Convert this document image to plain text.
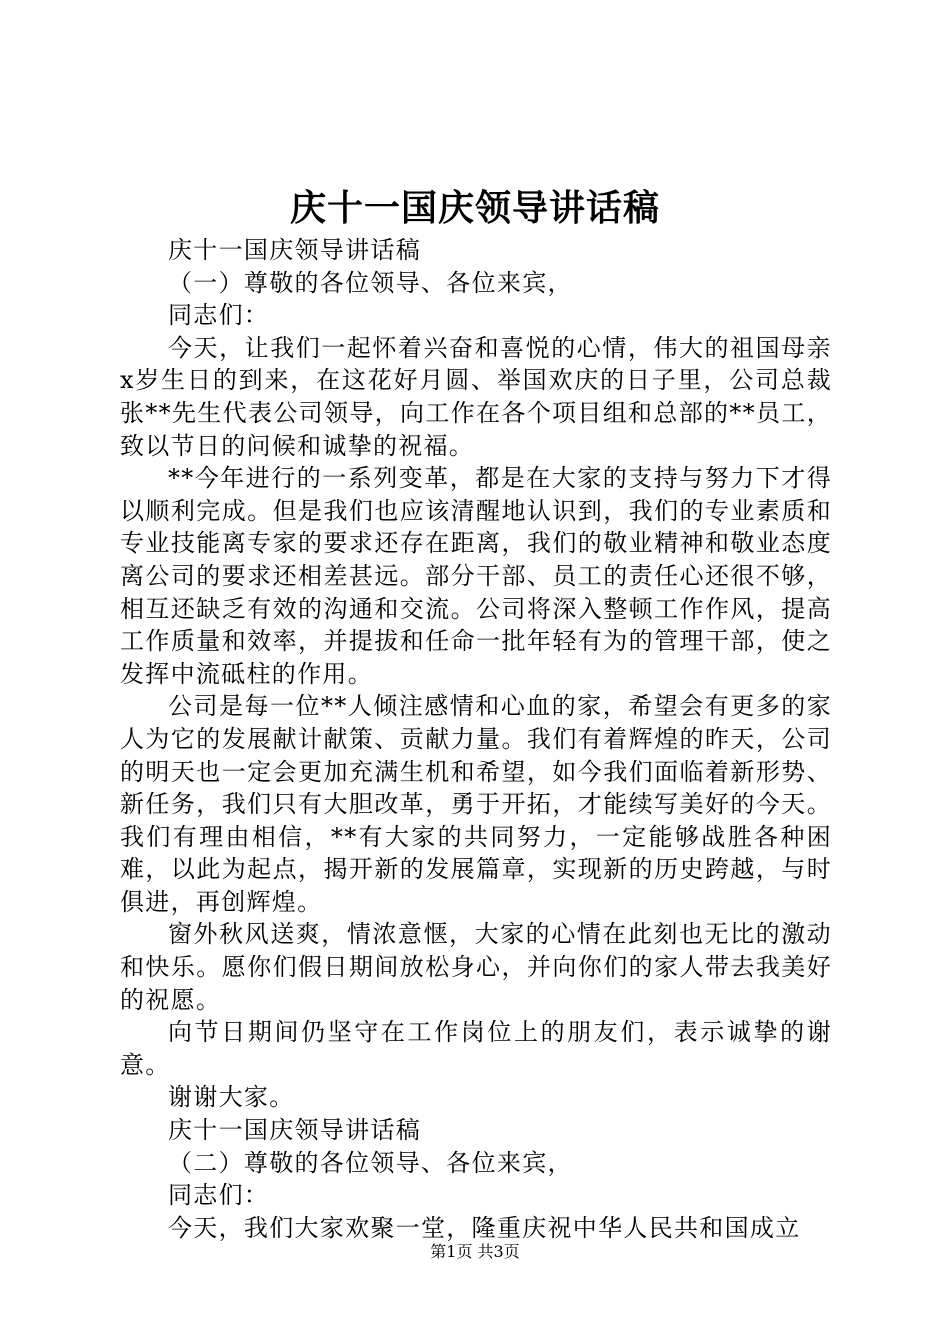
庆十一国庆领导讲话稿

庆十一国庆领导讲话稿

（一）尊敬的各位领导、各位来宾，

同志们：

今天，让我们一起怀着兴奋和喜悦的心情，伟大的祖国母亲x岁生日的到来，在这花好月圆、举国欢庆的日子里，公司总裁张**先生代表公司领导，向工作在各个项目组和总部的**员工，致以节日的问候和诚挚的祝福。

**今年进行的一系列变革，都是在大家的支持与努力下才得以顺利完成。但是我们也应该清醒地认识到，我们的专业素质和专业技能离专家的要求还存在距离，我们的敬业精神和敬业态度离公司的要求还相差甚远。部分干部、员工的责任心还很不够，相互还缺乏有效的沟通和交流。公司将深入整顿工作作风，提高工作质量和效率，并提拔和任命一批年轻有为的管理干部，使之发挥中流砥柱的作用。

公司是每一位**人倾注感情和心血的家，希望会有更多的家人为它的发展献计献策、贡献力量。我们有着辉煌的昨天，公司的明天也一定会更加充满生机和希望，如今我们面临着新形势、新任务，我们只有大胆改革，勇于开拓，才能续写美好的今天。我们有理由相信，**有大家的共同努力，一定能够战胜各种困难，以此为起点，揭开新的发展篇章，实现新的历史跨越，与时俱进，再创辉煌。

窗外秋风送爽，情浓意惬，大家的心情在此刻也无比的激动和快乐。愿你们假日期间放松身心，并向你们的家人带去我美好的祝愿。

向节日期间仍坚守在工作岗位上的朋友们，表示诚挚的谢意。

谢谢大家。

庆十一国庆领导讲话稿

（二）尊敬的各位领导、各位来宾，

同志们：

今天，我们大家欢聚一堂，隆重庆祝中华人民共和国成立

第1页 共3页
